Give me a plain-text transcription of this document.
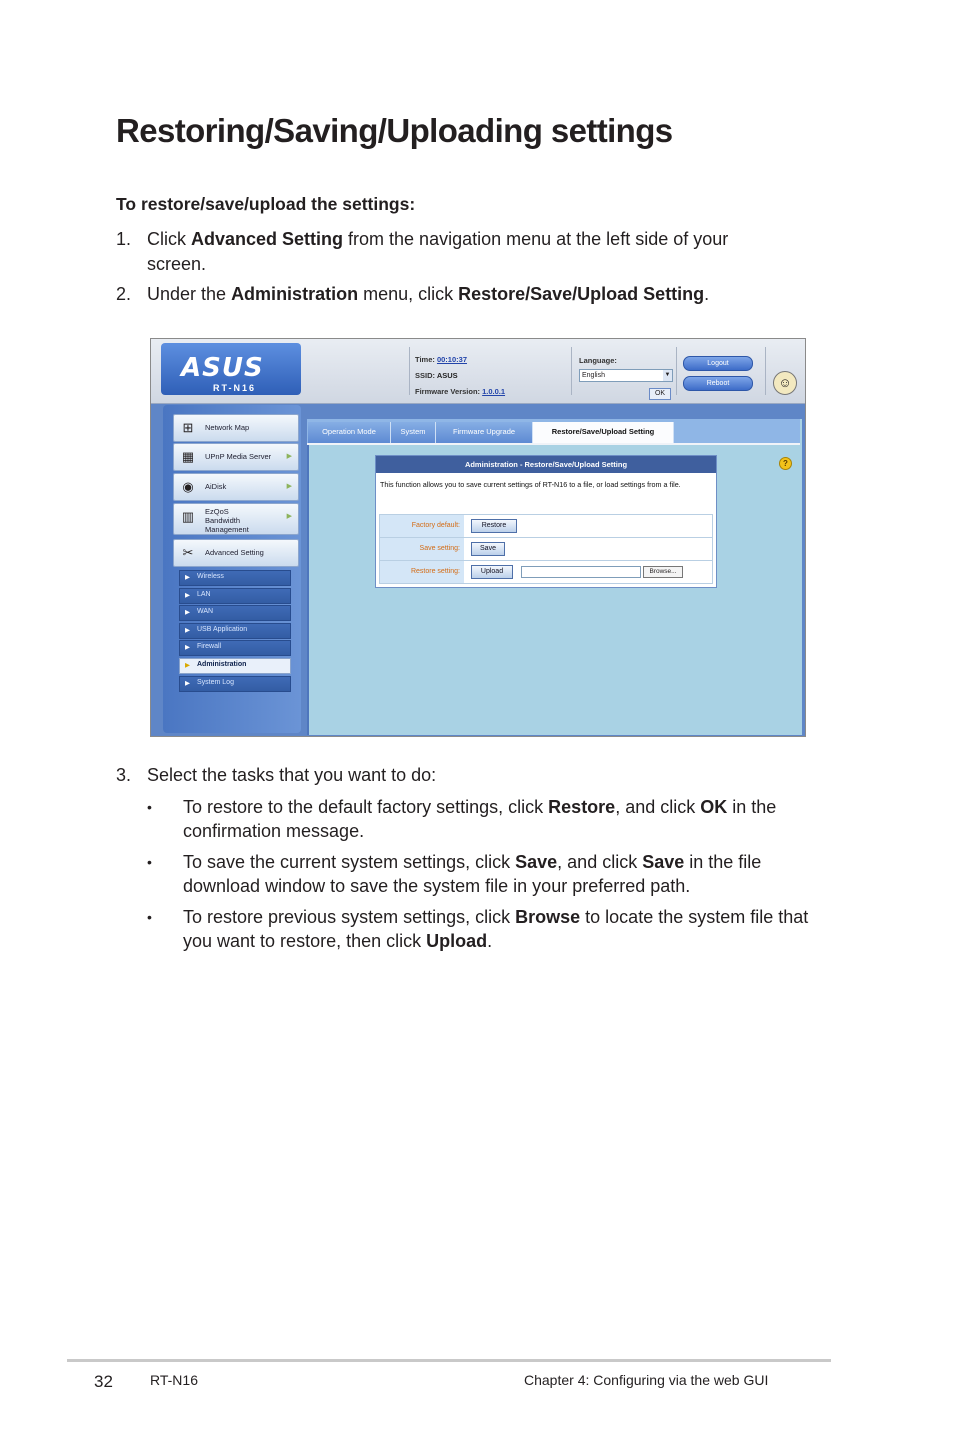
Restoring/Saving/Uploading settings
To restore/save/upload the settings:
1. Click Advanced Setting from the navigation menu at the left side of your
screen.
2. Under the Administration menu, click Restore/Save/Upload Setting.
ASUS
RT-N16
Time: 00:10:37
SSID: ASUS
Firmware Version: 1.0.0.1
Language:
English	▼
OK
Logout
Reboot	☺
⊞	Network Map
▦	UPnP Media Server ▶
◉	AiDisk	▶
▥	EzQoS Bandwidth Management
▶
✂	Advanced Setting
▶ Wireless
▶ LAN
▶ WAN
▶ USB Application
▶ Firewall
▶ Administration
▶ System Log
Operation Mode	System	Firmware Upgrade	Restore/Save/Upload Setting
?
Administration - Restore/Save/Upload Setting
This function allows you to save current settings of RT-N16 to a file, or load settings from a file.
Factory default:	Restore
Save setting:	Save
Restore setting:	Upload	Browse...
3. Select the tasks that you want to do:
• To restore to the default factory settings, click Restore, and click OK in the
confirmation message.
• To save the current system settings, click Save, and click Save in the file
download window to save the system file in your preferred path.
• To restore previous system settings, click Browse to locate the system file that
you want to restore, then click Upload.
32	RT-N16	Chapter 4: Configuring via the web GUI
